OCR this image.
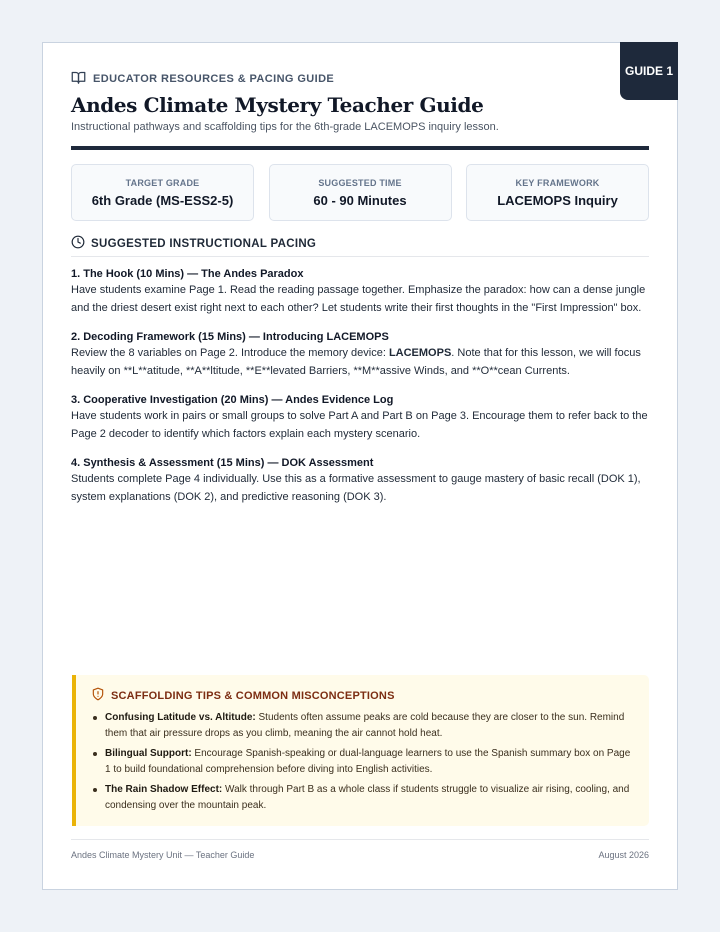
GUIDE 1
EDUCATOR RESOURCES & PACING GUIDE
Andes Climate Mystery Teacher Guide
Instructional pathways and scaffolding tips for the 6th-grade LACEMOPS inquiry lesson.
TARGET GRADE
6th Grade (MS-ESS2-5)
SUGGESTED TIME
60 - 90 Minutes
KEY FRAMEWORK
LACEMOPS Inquiry
SUGGESTED INSTRUCTIONAL PACING
1. The Hook (10 Mins) — The Andes Paradox
Have students examine Page 1. Read the reading passage together. Emphasize the paradox: how can a dense jungle and the driest desert exist right next to each other? Let students write their first thoughts in the "First Impression" box.
2. Decoding Framework (15 Mins) — Introducing LACEMOPS
Review the 8 variables on Page 2. Introduce the memory device: LACEMOPS. Note that for this lesson, we will focus heavily on **L**atitude, **A**ltitude, **E**levated Barriers, **M**assive Winds, and **O**cean Currents.
3. Cooperative Investigation (20 Mins) — Andes Evidence Log
Have students work in pairs or small groups to solve Part A and Part B on Page 3. Encourage them to refer back to the Page 2 decoder to identify which factors explain each mystery scenario.
4. Synthesis & Assessment (15 Mins) — DOK Assessment
Students complete Page 4 individually. Use this as a formative assessment to gauge mastery of basic recall (DOK 1), system explanations (DOK 2), and predictive reasoning (DOK 3).
SCAFFOLDING TIPS & COMMON MISCONCEPTIONS
Confusing Latitude vs. Altitude: Students often assume peaks are cold because they are closer to the sun. Remind them that air pressure drops as you climb, meaning the air cannot hold heat.
Bilingual Support: Encourage Spanish-speaking or dual-language learners to use the Spanish summary box on Page 1 to build foundational comprehension before diving into English activities.
The Rain Shadow Effect: Walk through Part B as a whole class if students struggle to visualize air rising, cooling, and condensing over the mountain peak.
Andes Climate Mystery Unit — Teacher Guide	August 2026
